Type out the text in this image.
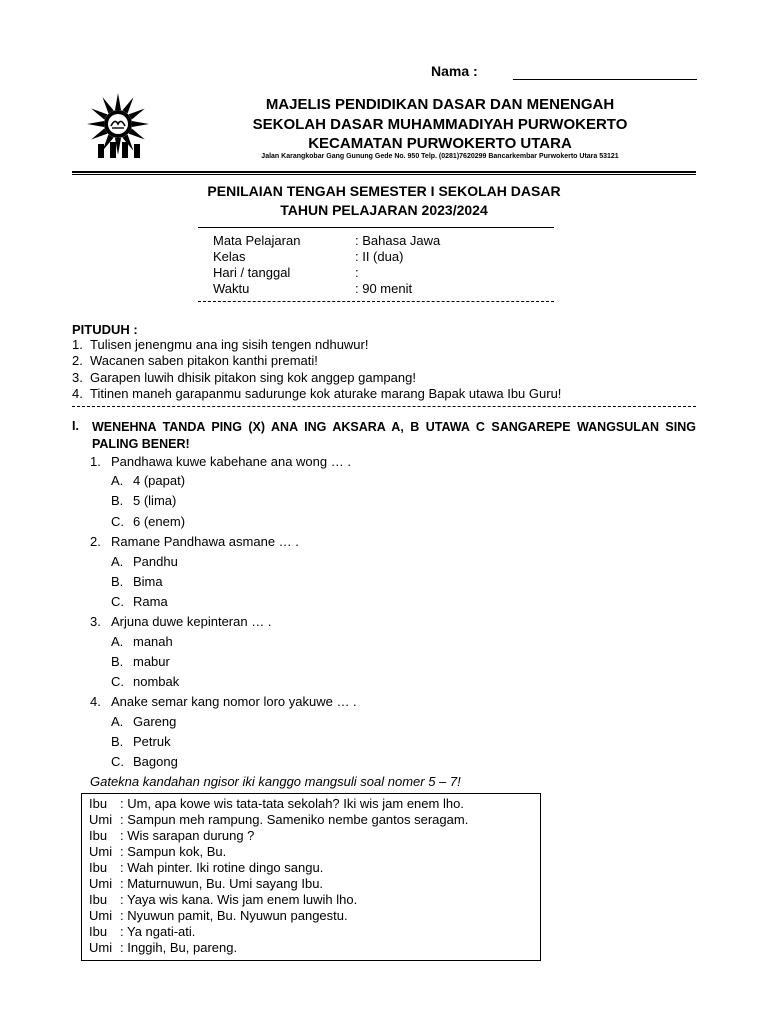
Nama :
MAJELIS PENDIDIKAN DASAR DAN MENENGAH
SEKOLAH DASAR MUHAMMADIYAH PURWOKERTO
KECAMATAN PURWOKERTO UTARA
Jalan Karangkobar Gang Gunung Gede No. 950 Telp. (0281)7620299 Bancarkembar Purwokerto Utara 53121
PENILAIAN TENGAH SEMESTER I SEKOLAH DASAR
TAHUN PELAJARAN 2023/2024
Mata Pelajaran	: Bahasa Jawa
Kelas	: II (dua)
Hari / tanggal	:
Waktu	: 90 menit
PITUDUH :
1. Tulisen jenengmu ana ing sisih tengen ndhuwur!
2. Wacanen saben pitakon kanthi premati!
3. Garapen luwih dhisik pitakon sing kok anggep gampang!
4. Titinen maneh garapanmu sadurunge kok aturake marang Bapak utawa Ibu Guru!
I. WENEHNA TANDA PING (X) ANA ING AKSARA A, B UTAWA C SANGAREPE WANGSULAN SING PALING BENER!
1. Pandhawa kuwe kabehane ana wong … .
A. 4 (papat)
B. 5 (lima)
C. 6 (enem)
2. Ramane Pandhawa asmane … .
A. Pandhu
B. Bima
C. Rama
3. Arjuna duwe kepinteran … .
A. manah
B. mabur
C. nombak
4. Anake semar kang nomor loro yakuwe … .
A. Gareng
B. Petruk
C. Bagong
Gatekna kandahan ngisor iki kanggo mangsuli soal nomer 5 – 7!
Ibu : Um, apa kowe wis tata-tata sekolah? Iki wis jam enem lho.
Umi : Sampun meh rampung. Sameniko nembe gantos seragam.
Ibu : Wis sarapan durung ?
Umi : Sampun kok, Bu.
Ibu : Wah pinter. Iki rotine dingo sangu.
Umi : Maturnuwun, Bu. Umi sayang Ibu.
Ibu : Yaya wis kana. Wis jam enem luwih lho.
Umi : Nyuwun pamit, Bu. Nyuwun pangestu.
Ibu : Ya ngati-ati.
Umi : Inggih, Bu, pareng.
